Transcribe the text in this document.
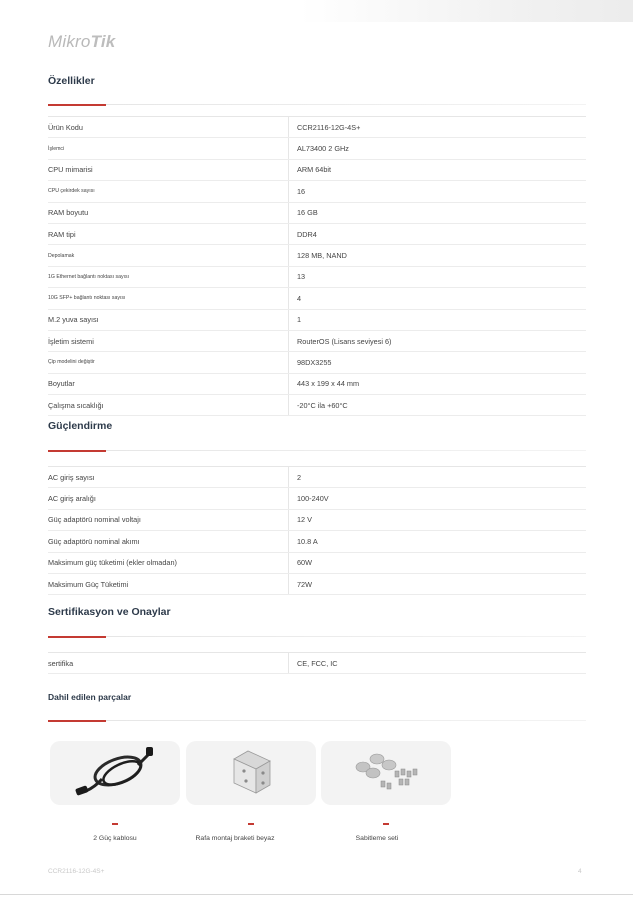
MikroTik
Özellikler
Ürün Kodu	CCR2116-12G-4S+
İşlemci	AL73400 2 GHz
CPU mimarisi	ARM 64bit
CPU çekirdek sayısı	16
RAM boyutu	16 GB
RAM tipi	DDR4
Depolamak	128 MB, NAND
1G Ethernet bağlantı noktası sayısı	13
10G SFP+ bağlantı noktası sayısı	4
M.2 yuva sayısı	1
İşletim sistemi	RouterOS (Lisans seviyesi 6)
Çip modelini değiştir	98DX3255
Boyutlar	443 x 199 x 44 mm
Çalışma sıcaklığı	-20°C ila +60°C
Güçlendirme
AC giriş sayısı	2
AC giriş aralığı	100-240V
Güç adaptörü nominal voltajı	12 V
Güç adaptörü nominal akımı	10.8 A
Maksimum güç tüketimi (ekler olmadan)	60W
Maksimum Güç Tüketimi	72W
Sertifikasyon ve Onaylar
sertifika	CE, FCC, IC
Dahil edilen parçalar
2 Güç kablosu	Rafa montaj braketi beyaz	Sabitleme seti
CCR2116-12G-4S+	4
